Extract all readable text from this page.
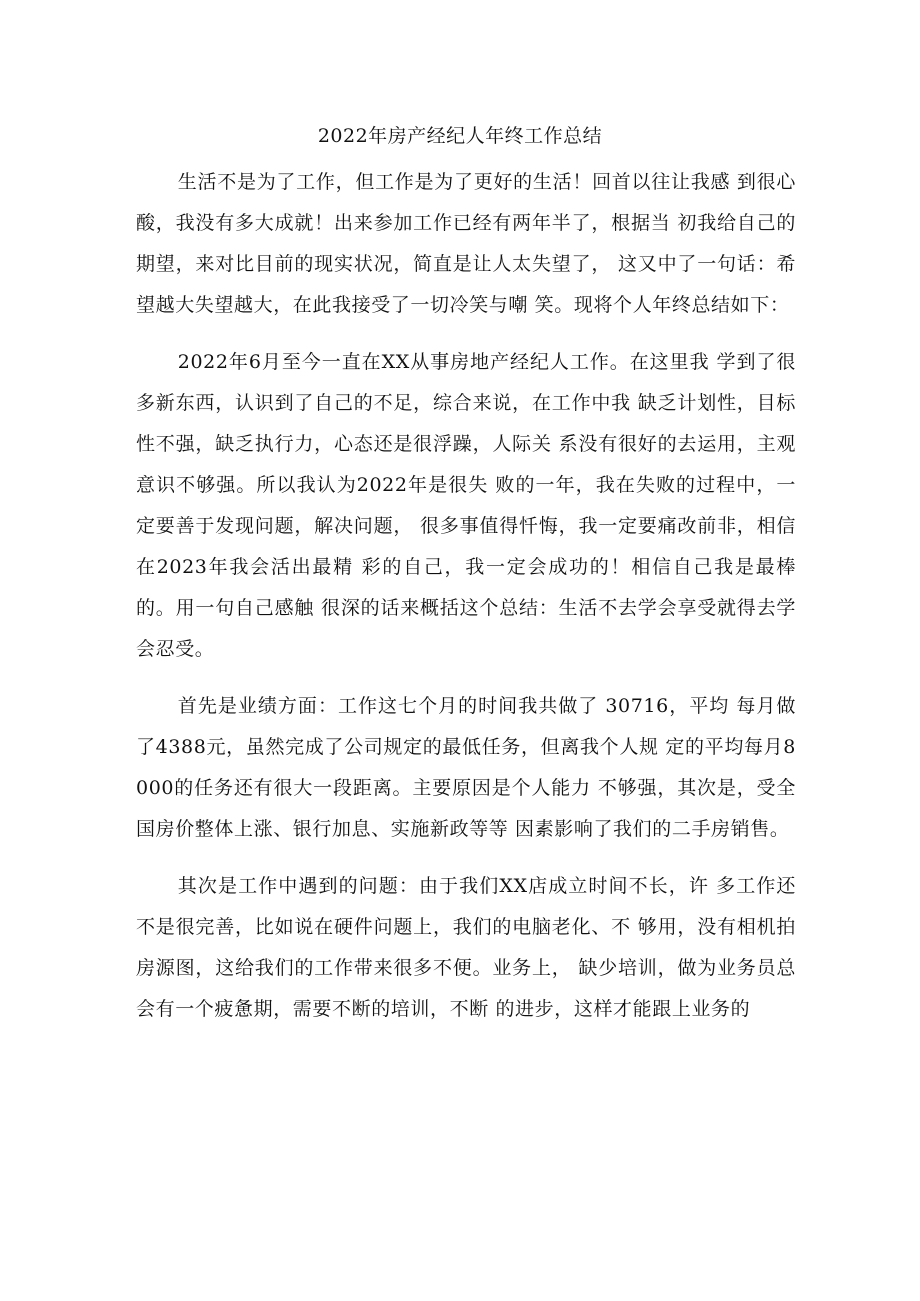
2022年房产经纪人年终工作总结

生活不是为了工作，但工作是为了更好的生活！回首以往让我感 到很心酸，我没有多大成就！出来参加工作已经有两年半了，根据当 初我给自己的期望，来对比目前的现实状况，简直是让人太失望了， 这又中了一句话：希望越大失望越大，在此我接受了一切冷笑与嘲 笑。现将个人年终总结如下：

2022年6月至今一直在XX从事房地产经纪人工作。在这里我 学到了很多新东西，认识到了自己的不足，综合来说，在工作中我 缺乏计划性，目标性不强，缺乏执行力，心态还是很浮躁，人际关 系没有很好的去运用，主观意识不够强。所以我认为2022年是很失 败的一年，我在失败的过程中，一定要善于发现问题，解决问题， 很多事值得忏悔，我一定要痛改前非，相信在2023年我会活出最精 彩的自己，我一定会成功的！相信自己我是最棒的。用一句自己感触 很深的话来概括这个总结：生活不去学会享受就得去学会忍受。

首先是业绩方面：工作这七个月的时间我共做了 30716，平均 每月做了4388元，虽然完成了公司规定的最低任务，但离我个人规 定的平均每月8000的任务还有很大一段距离。主要原因是个人能力 不够强，其次是，受全国房价整体上涨、银行加息、实施新政等等 因素影响了我们的二手房销售。

其次是工作中遇到的问题：由于我们XX店成立时间不长，许 多工作还不是很完善，比如说在硬件问题上，我们的电脑老化、不 够用，没有相机拍房源图，这给我们的工作带来很多不便。业务上， 缺少培训，做为业务员总会有一个疲惫期，需要不断的培训，不断 的进步，这样才能跟上业务的
